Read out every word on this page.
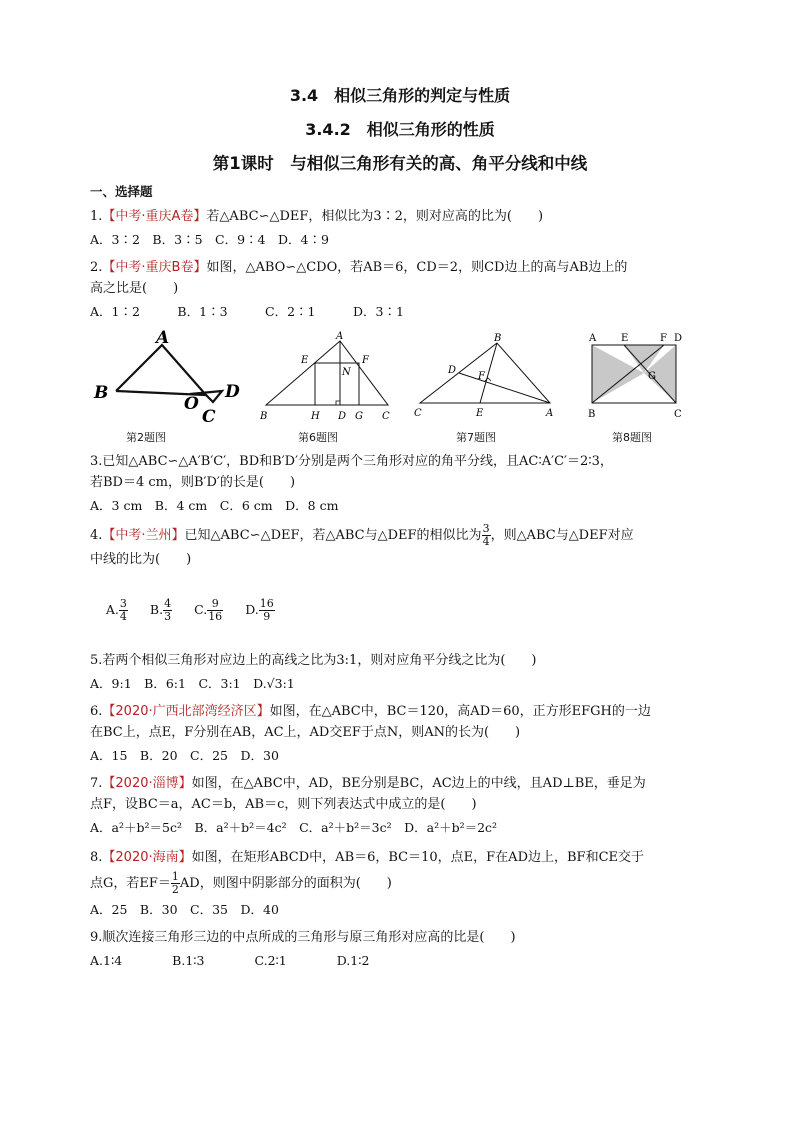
3.4　相似三角形的判定与性质
3.4.2　相似三角形的性质
第1课时　与相似三角形有关的高、角平分线和中线
一、选择题
1.【中考·重庆A卷】若△ABC∽△DEF，相似比为3∶2，则对应高的比为(　　)
A．3∶2　B．3∶5　C．9∶4　D．4∶9
2.【中考·重庆B卷】如图，△ABO∽△CDO，若AB＝6，CD＝2，则CD边上的高与AB边上的
高之比是(　　)
A．1∶2　　　B．1∶3　　　C．2∶1　　　D．3∶1
A
B
O
C
D
A
E	F
N
B	H D G C
B
D
F
C	E	A
A E	F D
G
B	C
第2题图	第6题图	第7题图	第8题图
3.已知△ABC∽△A′B′C′，BD和B′D′分别是两个三角形对应的角平分线，且AC∶A′C′＝2∶3，
若BD＝4 cm，则B′D′的长是(　　)
A．3 cm　B．4 cm　C．6 cm　D．8 cm
4.【中考·兰州】已知△ABC∽△DEF，若△ABC与△DEF的相似比为 $\frac{3}{4}$ ，则△ABC与△DEF对应
中线的比为(　　)

A. $\frac{3}{4} B$. $\frac{4}{3} C$. $\frac{9}{16} D$. $\frac{16}{9}$

5.若两个相似三角形对应边上的高线之比为3:1，则对应角平分线之比为(　　)
A．9:1　B．6:1　C．3:1　D.√3:1
6.【2020·广西北部湾经济区】如图，在△ABC中，BC＝120，高AD＝60，正方形EFGH的一边
在BC上，点E，F分别在AB，AC上，AD交EF于点N，则AN的长为(　　)
A．15　B．20　C．25　D．30
7.【2020·淄博】如图，在△ABC中，AD，BE分别是BC，AC边上的中线，且AD⊥BE，垂足为
点F，设BC＝a，AC＝b，AB＝c，则下列表达式中成立的是(　　)
A．a²＋b²＝5c²　B．a²＋b²＝4c²　C．a²＋b²＝3c²　D．a²＋b²＝2c²
8.【2020·海南】如图，在矩形ABCD中，AB＝6，BC＝10，点E，F在AD边上，BF和CE交于
点G，若$EF= \frac{1}{2}$ AD，则图中阴影部分的面积为(　　)
A．25　B．30　C．35　D．40
9.顺次连接三角形三边的中点所成的三角形与原三角形对应高的比是(　　)
A.1∶4　　　　B.1∶3　　　　C.2∶1　　　　D.1∶2
